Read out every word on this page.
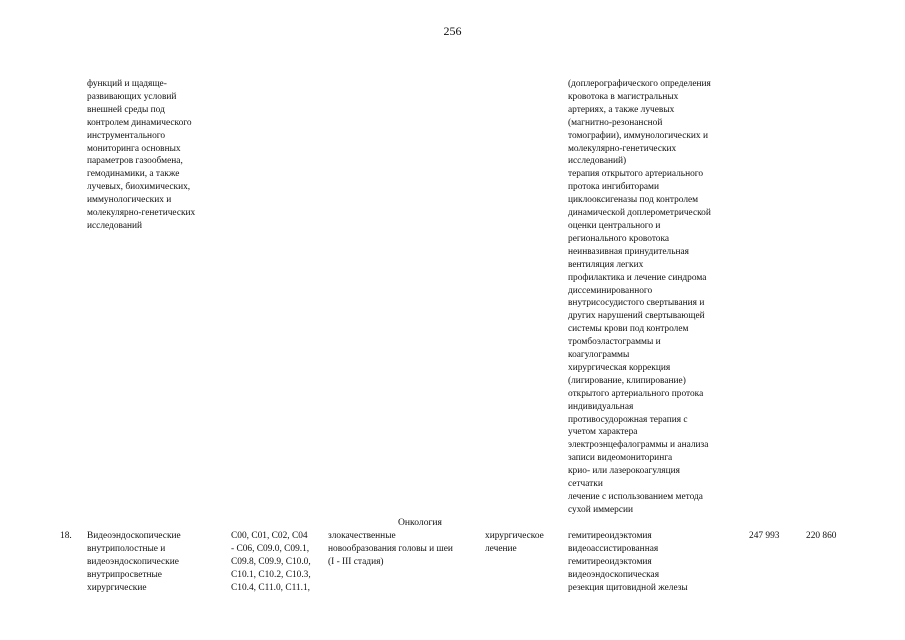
256
функций и щадяще-
развивающих условий
внешней среды под
контролем динамического
инструментального
мониторинга основных
параметров газообмена,
гемодинамики, а также
лучевых, биохимических,
иммунологических и
молекулярно-генетических
исследований
(доплерографического определения
кровотока в магистральных
артериях, а также лучевых
(магнитно-резонансной
томографии), иммунологических и
молекулярно-генетических
исследований)
терапия открытого артериального
протока ингибиторами
циклооксигеназы под контролем
динамической доплерометрической
оценки центрального и
регионального кровотока
неинвазивная принудительная
вентиляция легких
профилактика и лечение синдрома
диссеминированного
внутрисосудистого свертывания и
других нарушений свертывающей
системы крови под контролем
тромбоэластограммы и
коагулограммы
хирургическая коррекция
(лигирование, клипирование)
открытого артериального протока
индивидуальная
противосудорожная терапия с
учетом характера
электроэнцефалограммы и анализа
записи видеомониторинга
крио- или лазерокоагуляция
сетчатки
лечение с использованием метода
сухой иммерсии
Онкология
18. Видеоэндоскопические
внутриполостные и
видеоэндоскопические
внутрипросветные
хирургические
C00, C01, C02, C04
- C06, C09.0, C09.1,
C09.8, C09.9, C10.0,
C10.1, C10.2, C10.3,
C10.4, C11.0, C11.1,
злокачественные
новообразования головы и шеи
(I - III стадия)
хирургическое
лечение
гемитиреоидэктомия
видеоассистированная
гемитиреоидэктомия
видеоэндоскопическая
резекция щитовидной железы
247 993	220 860
